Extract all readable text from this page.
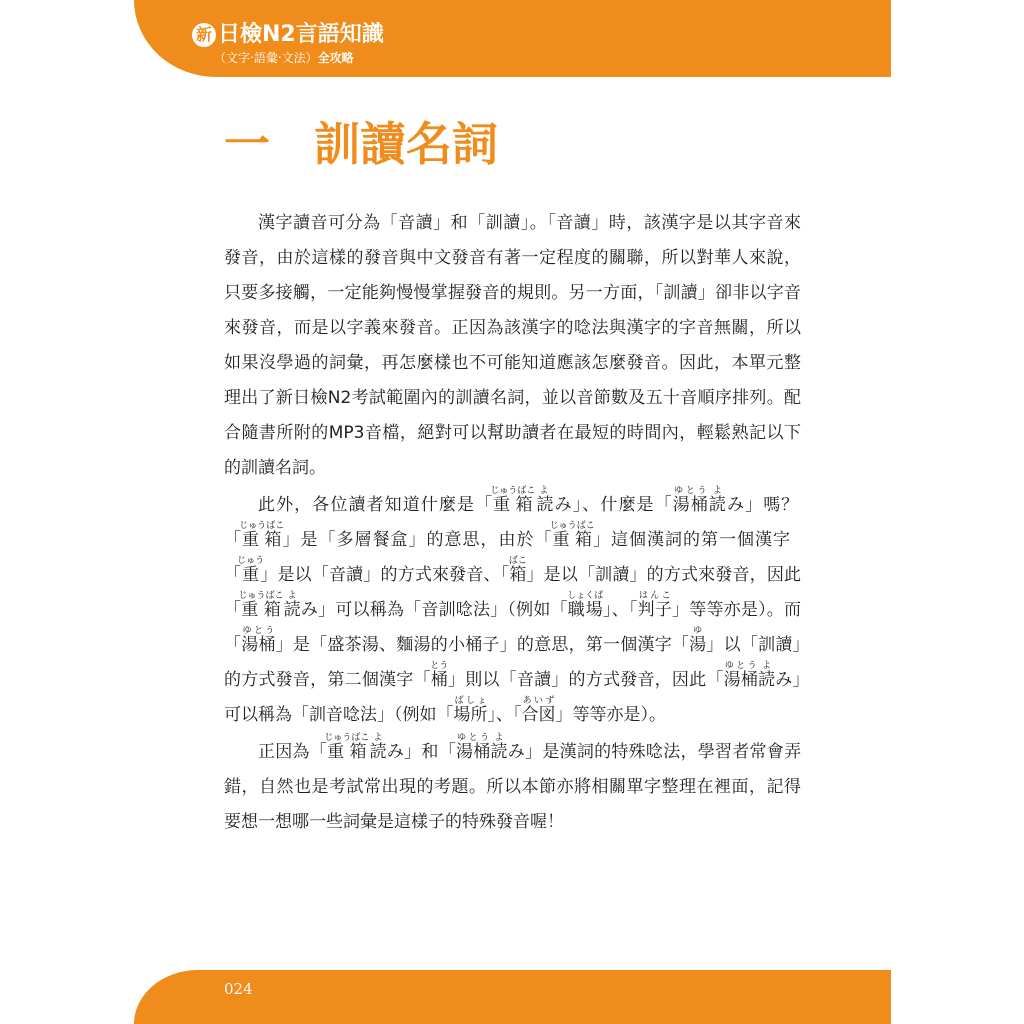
新 日檢N2言語知識
（文字‧語彙‧文法）全攻略
一 訓讀名詞

漢字讀音可分為「音讀」和「訓讀」。「音讀」時，該漢字是以其字音來發音，由於這樣的發音與中文發音有著一定程度的關聯，所以對華人來說，只要多接觸，一定能夠慢慢掌握發音的規則。另一方面，「訓讀」卻非以字音來發音，而是以字義來發音。正因為該漢字的唸法與漢字的字音無關，所以如果沒學過的詞彙，再怎麼樣也不可能知道應該怎麼發音。因此，本單元整理出了新日檢N2考試範圍內的訓讀名詞，並以音節數及五十音順序排列。配合隨書所附的MP3音檔，絕對可以幫助讀者在最短的時間內，輕鬆熟記以下的訓讀名詞。

此外，各位讀者知道什麼是「重箱じゅうばこ読よみ」、什麼是「湯桶ゆとう読よみ」嗎？「重箱じゅうばこ」是「多層餐盒」的意思，由於「重箱じゅうばこ」這個漢詞的第一個漢字「重じゅう」是以「音讀」的方式來發音、「箱ばこ」是以「訓讀」的方式來發音，因此「重箱じゅうばこ読よみ」可以稱為「音訓唸法」（例如「職場しょくば」、「判子はんこ」等等亦是）。而「湯桶ゆとう」是「盛茶湯、麵湯的小桶子」的意思，第一個漢字「湯ゆ」以「訓讀」的方式發音，第二個漢字「桶とう」則以「音讀」的方式發音，因此「湯桶ゆとう読よみ」可以稱為「訓音唸法」（例如「場所ばしょ」、「合図あいず」等等亦是）。

正因為「重箱じゅうばこ読よみ」和「湯桶ゆとう読よみ」是漢詞的特殊唸法，學習者常會弄錯，自然也是考試常出現的考題。所以本節亦將相關單字整理在裡面，記得要想一想哪一些詞彙是這樣子的特殊發音喔！

024
